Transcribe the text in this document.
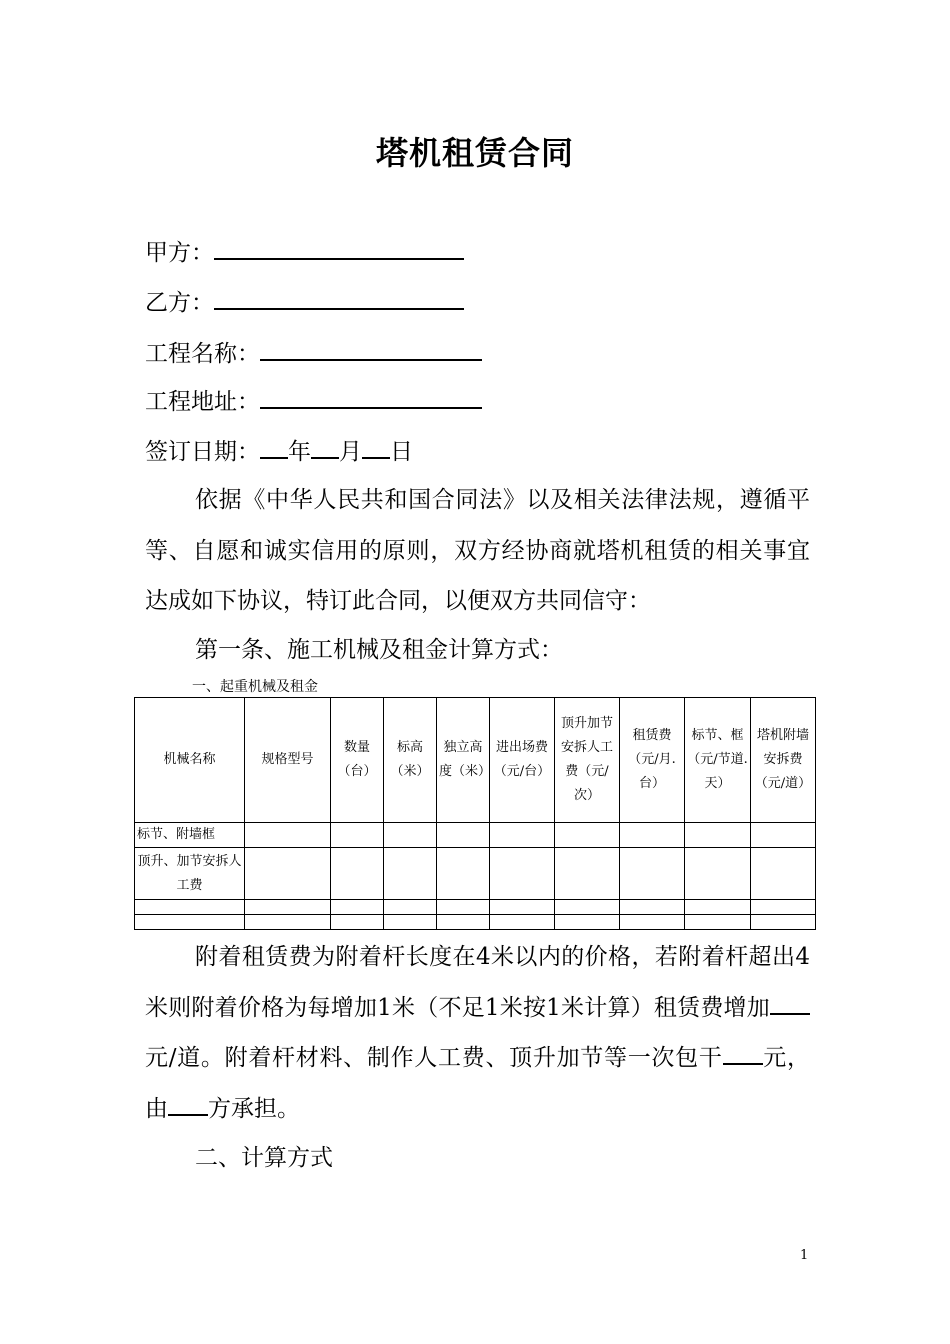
塔机租赁合同
甲方：
乙方：
工程名称：
工程地址：
签订日期： 年 月 日
依据《中华人民共和国合同法》以及相关法律法规，遵循平等、自愿和诚实信用的原则，双方经协商就塔机租赁的相关事宜达成如下协议，特订此合同，以便双方共同信守：
第一条、施工机械及租金计算方式：
一、起重机械及租金
机械名称	规格型号	数量（台）	标高（米）	独立高度（米）	进出场费（元/台）	顶升加节安拆人工费（元/次）	租赁费（元/月.台）	标节、框（元/节道.天）	塔机附墙安拆费（元/道）
标节、附墙框									
顶升、加节安拆人工费									

附着租赁费为附着杆长度在4米以内的价格，若附着杆超出4米则附着价格为每增加1米（不足1米按1米计算）租赁费增加元/道。附着杆材料、制作人工费、顶升加节等一次包干 元，由 方承担。
二、计算方式
1
